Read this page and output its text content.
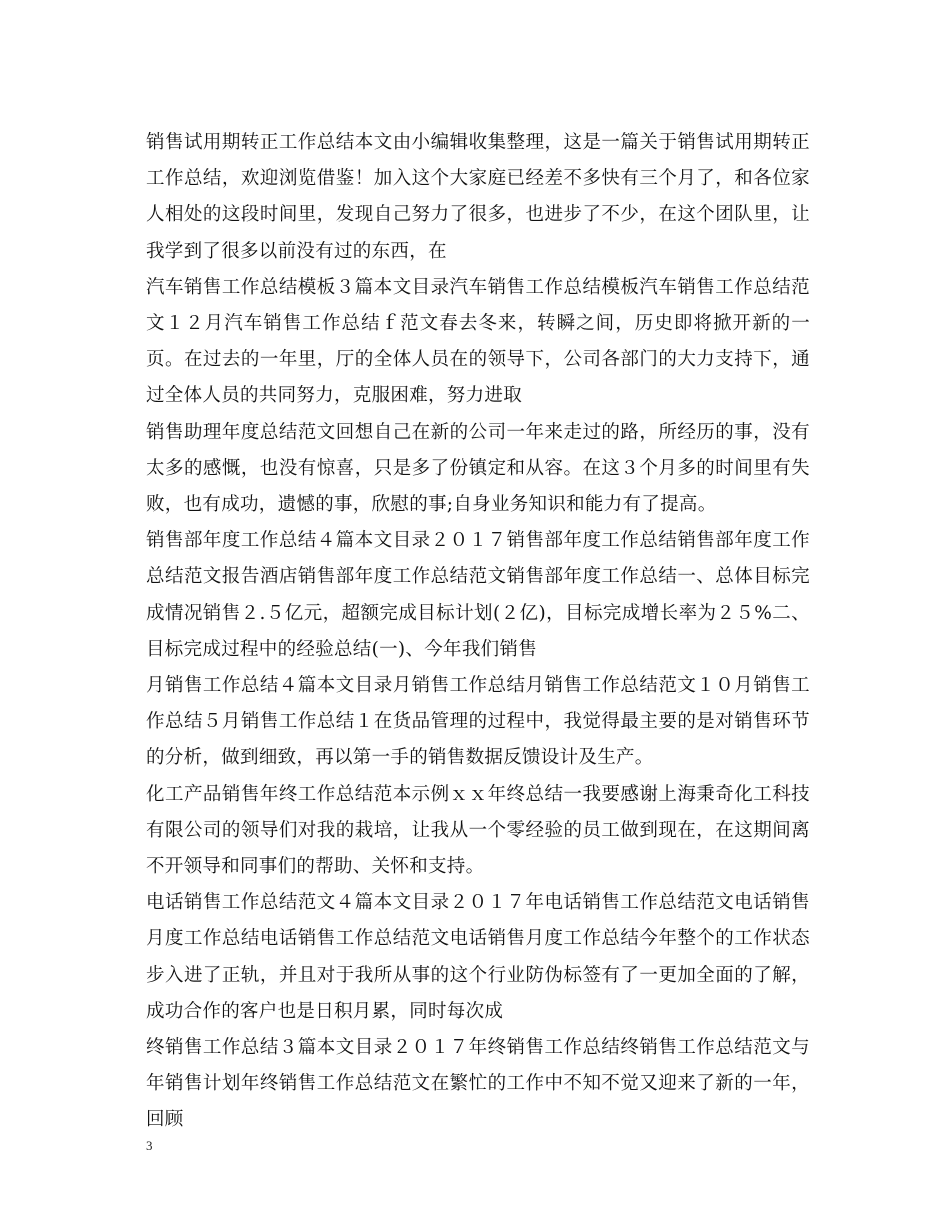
销售试用期转正工作总结本文由小编辑收集整理，这是一篇关于销售试用期转正工作总结，欢迎浏览借鉴！加入这个大家庭已经差不多快有三个月了，和各位家人相处的这段时间里，发现自己努力了很多，也进步了不少，在这个团队里，让我学到了很多以前没有过的东西，在

汽车销售工作总结模板３篇本文目录汽车销售工作总结模板汽车销售工作总结范文１２月汽车销售工作总结ｆ范文春去冬来，转瞬之间，历史即将掀开新的一页。在过去的一年里，厅的全体人员在的领导下，公司各部门的大力支持下，通过全体人员的共同努力，克服困难，努力进取

销售助理年度总结范文回想自己在新的公司一年来走过的路，所经历的事，没有太多的感慨，也没有惊喜，只是多了份镇定和从容。在这３个月多的时间里有失败，也有成功，遗憾的事，欣慰的事;自身业务知识和能力有了提高。

销售部年度工作总结４篇本文目录２０１７销售部年度工作总结销售部年度工作总结范文报告酒店销售部年度工作总结范文销售部年度工作总结一、总体目标完成情况销售２.５亿元，超额完成目标计划(２亿)，目标完成增长率为２５%二、目标完成过程中的经验总结(一)、今年我们销售

月销售工作总结４篇本文目录月销售工作总结月销售工作总结范文１０月销售工作总结５月销售工作总结１在货品管理的过程中，我觉得最主要的是对销售环节的分析，做到细致，再以第一手的销售数据反馈设计及生产。

化工产品销售年终工作总结范本示例ｘｘ年终总结一我要感谢上海秉奇化工科技有限公司的领导们对我的栽培，让我从一个零经验的员工做到现在，在这期间离不开领导和同事们的帮助、关怀和支持。

电话销售工作总结范文４篇本文目录２０１７年电话销售工作总结范文电话销售月度工作总结电话销售工作总结范文电话销售月度工作总结今年整个的工作状态步入进了正轨，并且对于我所从事的这个行业防伪标签有了一更加全面的了解，成功合作的客户也是日积月累，同时每次成

终销售工作总结３篇本文目录２０１７年终销售工作总结终销售工作总结范文与年销售计划年终销售工作总结范文在繁忙的工作中不知不觉又迎来了新的一年，回顾

3
